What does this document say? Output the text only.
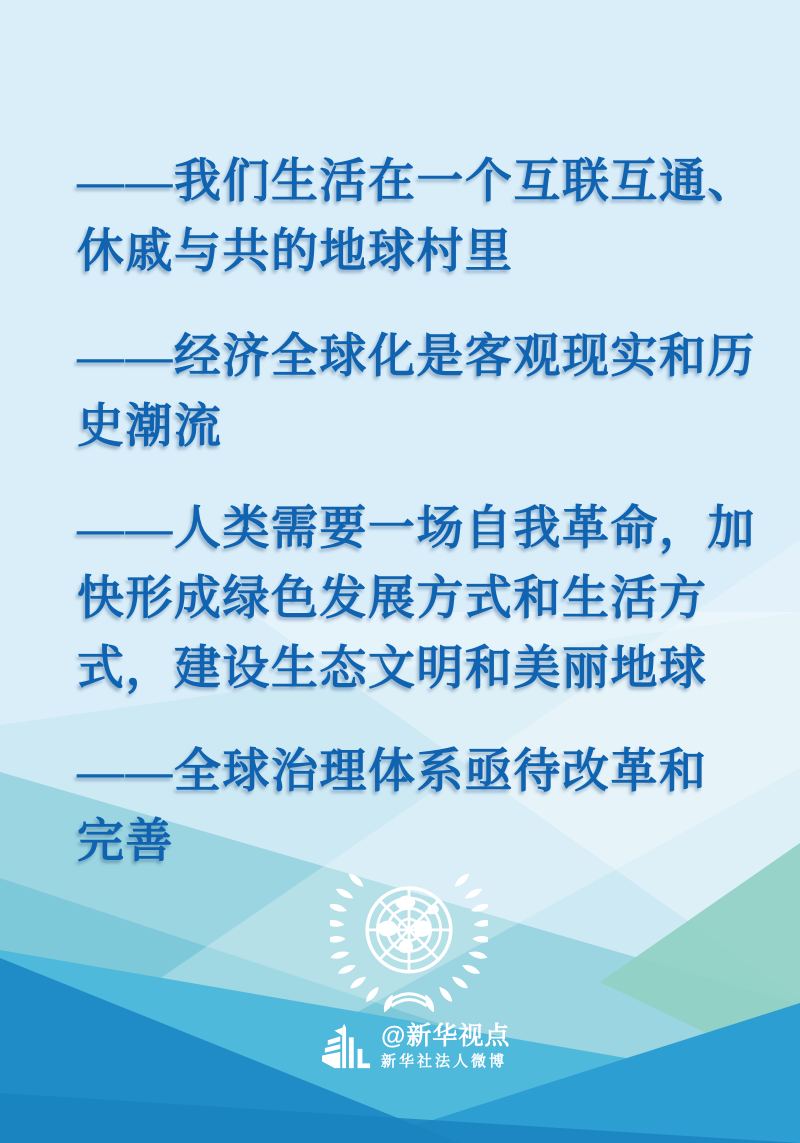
——我们生活在一个互联互通、
休戚与共的地球村里
——经济全球化是客观现实和历
史潮流
——人类需要一场自我革命，加
快形成绿色发展方式和生活方
式，建设生态文明和美丽地球
——全球治理体系亟待改革和
完善
@新华视点
新华社法人微博
